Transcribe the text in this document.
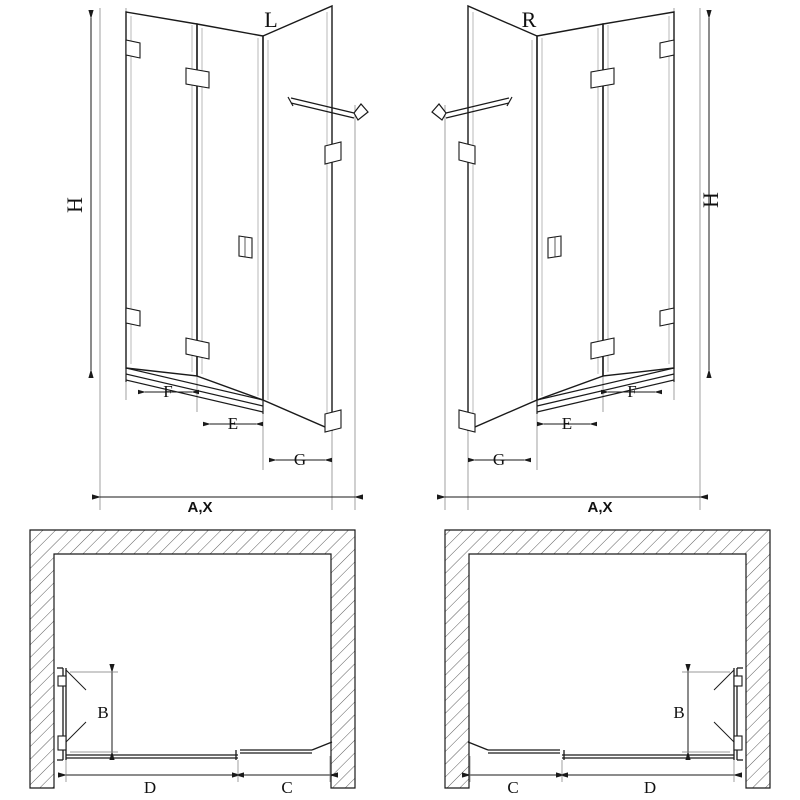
H
A,X
F
E
G
L
H
A,X
F
E
G
R
B
D	C
B
D
C
